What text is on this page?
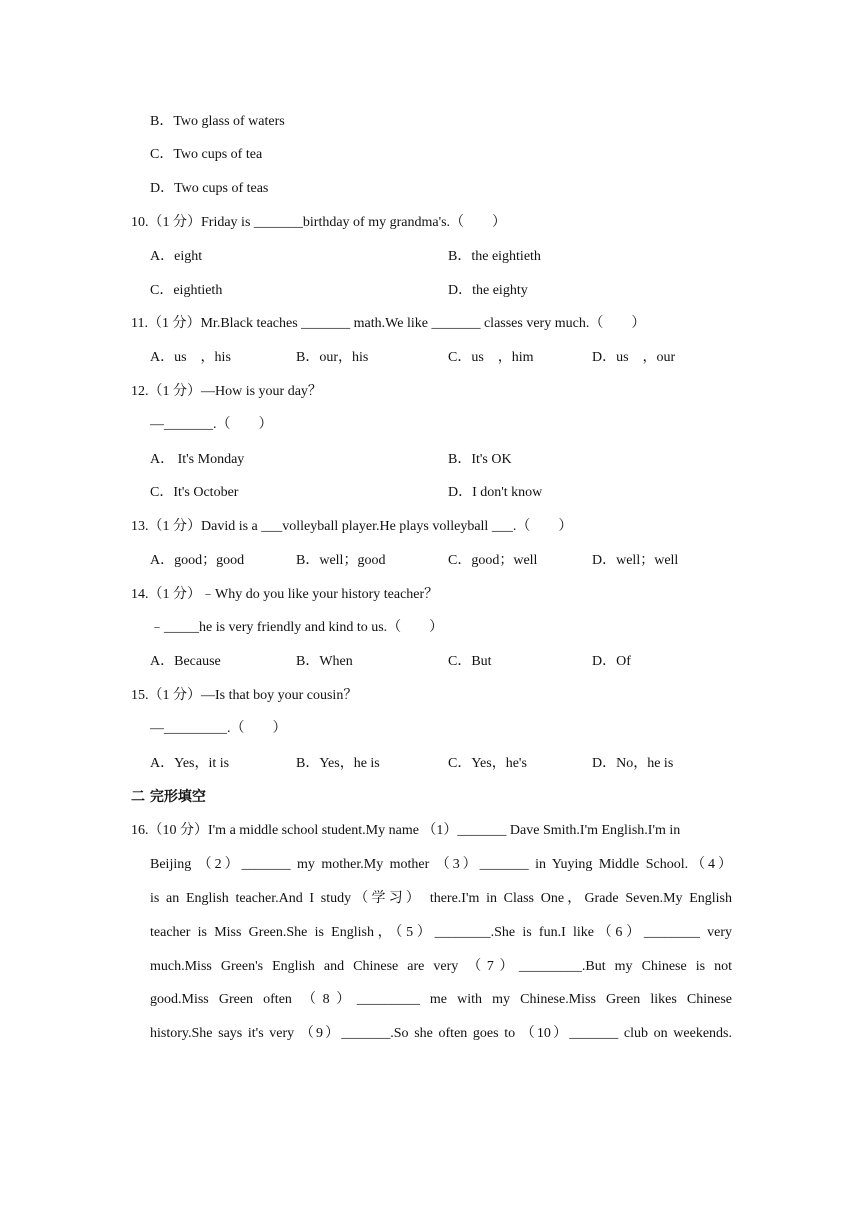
B．Two glass of waters
C．Two cups of tea
D．Two cups of teas
10.（1 分）Friday is _______birthday of my grandma's.（　　）
A．eight	B．the eightieth
C．eightieth	D．the eighty
11.（1 分）Mr.Black teaches _______ math.We like _______ classes very much.（　　）
A．us　，his	B．our，his	C．us　，him	D．us　，our
12.（1 分）—How is your day？
—_______.（　　）
A． It's Monday	B．It's OK
C．It's October	D．I don't know
13.（1 分）David is a ___volleyball player.He plays volleyball ___.（　　）
A．good；good	B．well；good	C．good；well	D．well；well
14.（1 分）﹣Why do you like your history teacher？
﹣_____he is very friendly and kind to us.（　　）
A．Because	B．When	C．But	D．Of
15.（1 分）—Is that boy your cousin？
—_________.（　　）
A．Yes，it is	B．Yes，he is	C．Yes，he's	D．No，he is
二 完形填空
16.（10 分）I'm a middle school student.My name （1）_______ Dave Smith.I'm English.I'm in
Beijing （2）_______ my mother.My mother （3）_______ in Yuying Middle School.（4）
is an English teacher.And I study（学习） there.I'm in Class One，Grade Seven.My English
teacher is Miss Green.She is English，（5）________.She is fun.I like（6）________ very
much.Miss Green's English and Chinese are very （7）_________.But my Chinese is not
good.Miss Green often （8）_________ me with my Chinese.Miss Green likes Chinese
history.She says it's very （9）_______.So she often goes to （10）_______ club on weekends.
